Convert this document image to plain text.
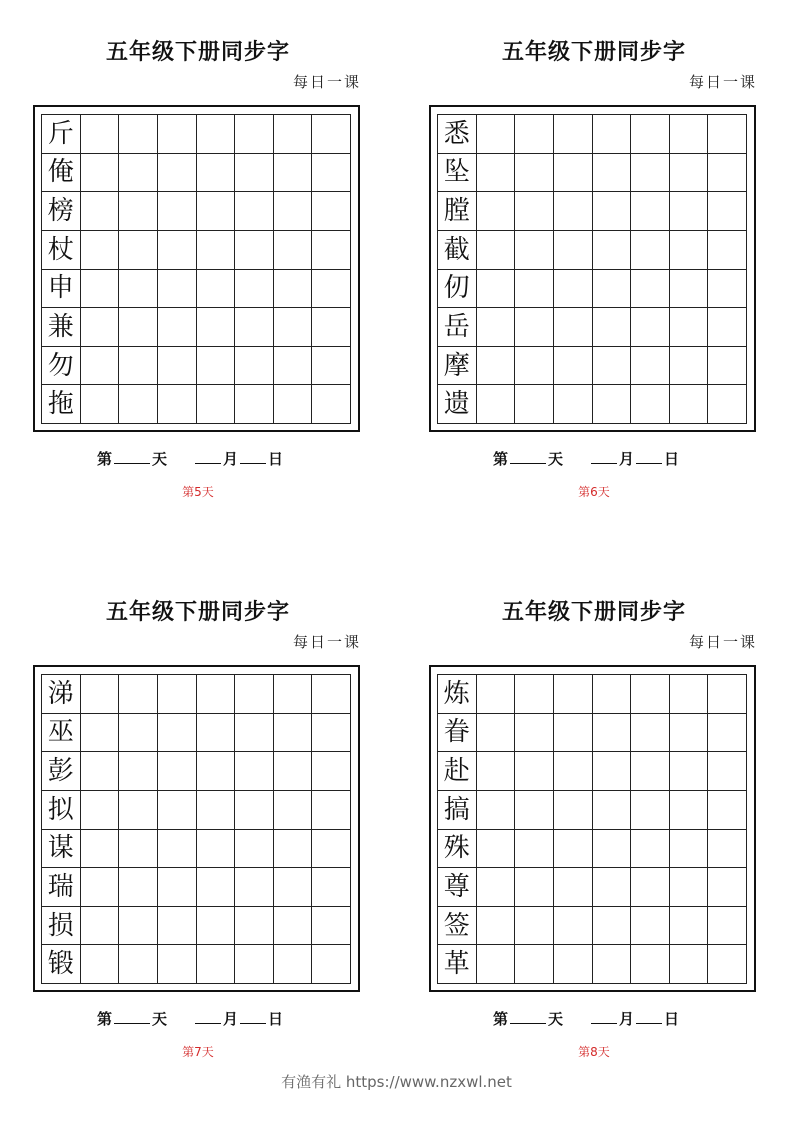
五年级下册同步字
每日一课
斤
俺
榜
杖
申
兼
勿
拖
第	天	月 日
第5天
五年级下册同步字
每日一课
悉
坠
膛
截
仞
岳
摩
遗
第	天	月 日
第6天
五年级下册同步字
每日一课
涕
巫
彭
拟
谋
瑞
损
锻
第	天	月 日
第7天
五年级下册同步字
每日一课
炼
眷
赴
搞
殊
尊
签
革
第	天	月 日
第8天
有渔有礼 https://www.nzxwl.net
